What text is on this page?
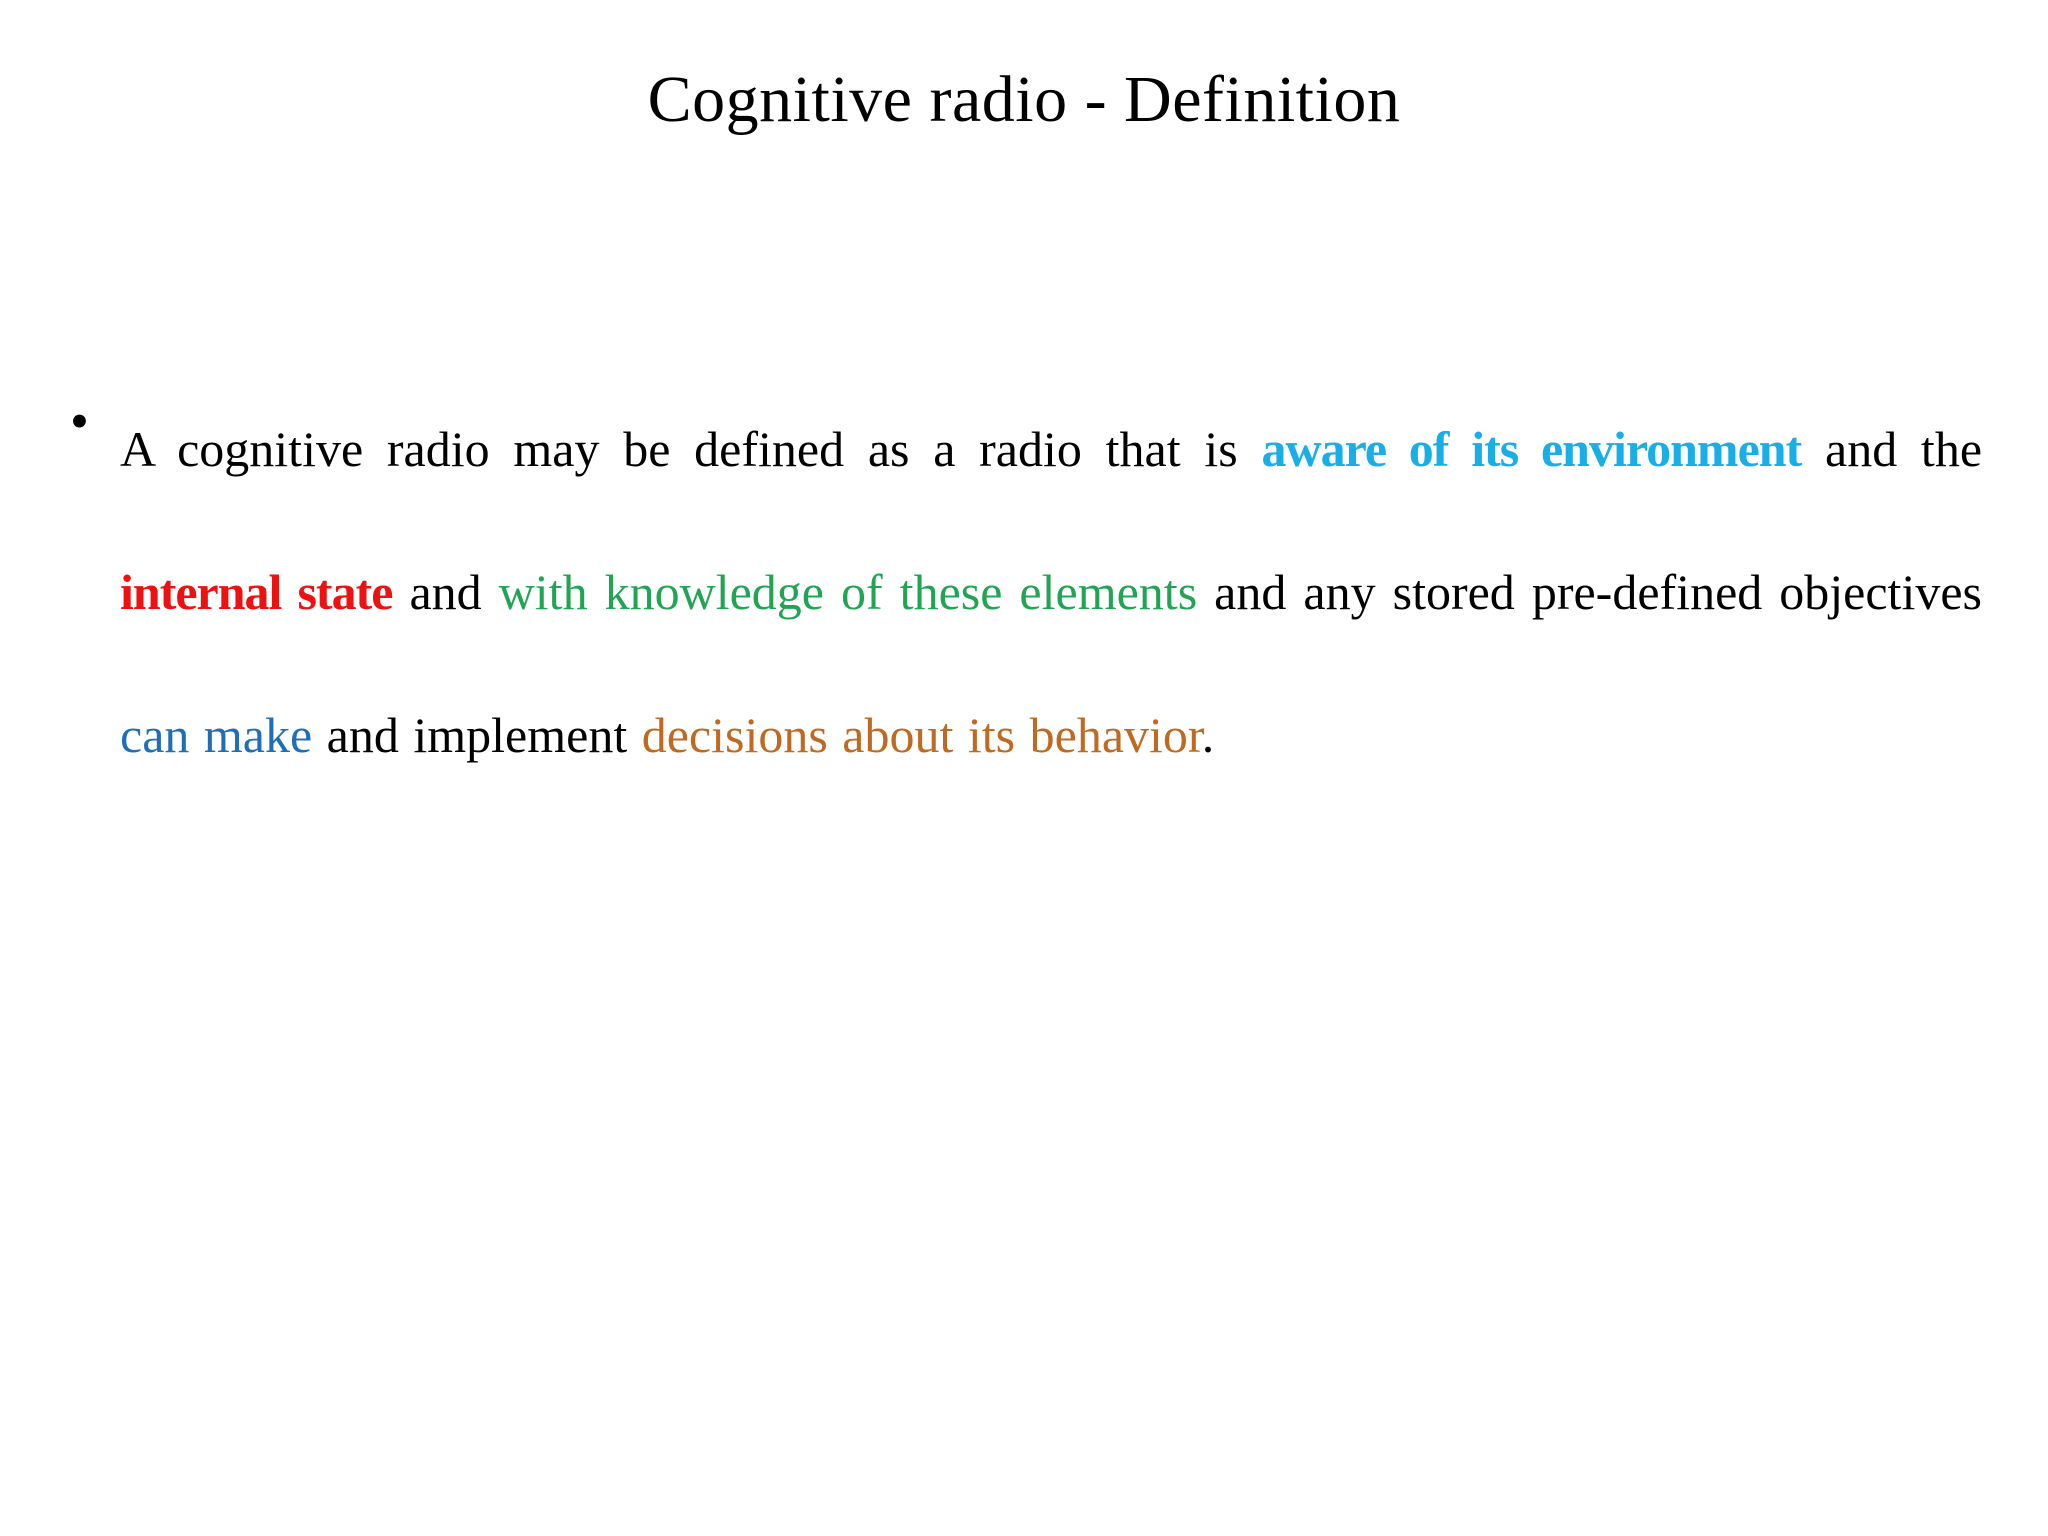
Cognitive radio - Definition
• A cognitive radio may be defined as a radio that is aware of its environment and the internal state and with knowledge of these elements and any stored pre-defined objectives can make and implement decisions about its behavior.
